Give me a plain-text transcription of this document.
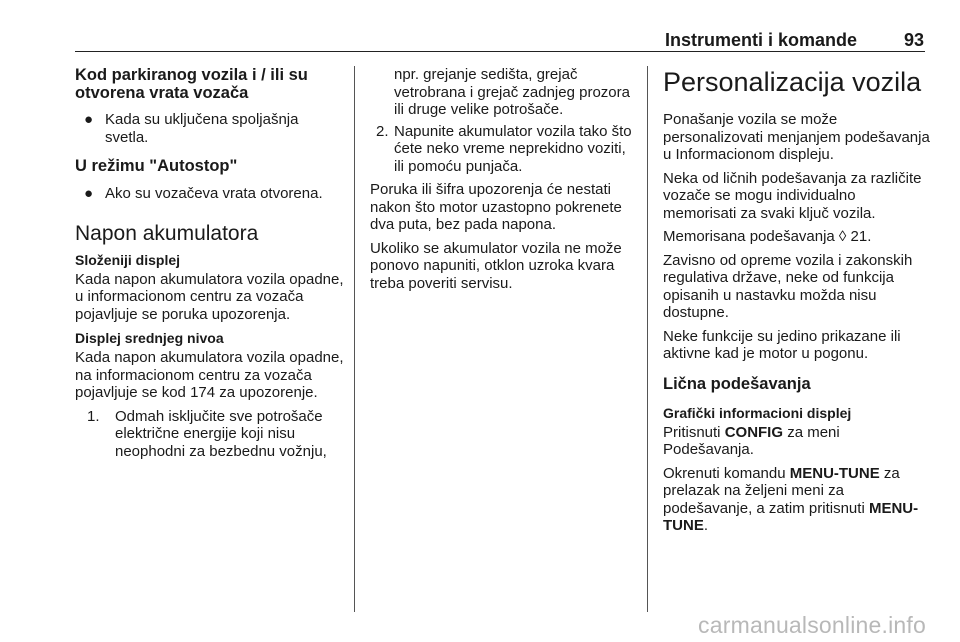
Instrumenti i komande	93
Kod parkiranog vozila i / ili su otvorena vrata vozača
● Kada su uključena spoljašnja svetla.
U režimu "Autostop"
● Ako su vozačeva vrata otvorena.
Napon akumulatora
Složeniji displej

Kada napon akumulatora vozila opadne, u informacionom centru za vozača pojavljuje se poruka upozorenja.

Displej srednjeg nivoa

Kada napon akumulatora vozila opadne, na informacionom centru za vozača pojavljuje se kod 174 za upozorenje.

1. Odmah isključite sve potrošače električne energije koji nisu neophodni za bezbednu vožnju,
npr. grejanje sedišta, grejač vetrobrana i grejač zadnjeg prozora ili druge velike potrošače.
2. Napunite akumulator vozila tako što ćete neko vreme neprekidno voziti, ili pomoću punjača.

Poruka ili šifra upozorenja će nestati nakon što motor uzastopno pokrenete dva puta, bez pada napona.

Ukoliko se akumulator vozila ne može ponovo napuniti, otklon uzroka kvara treba poveriti servisu.

Personalizacija vozila

Ponašanje vozila se može personalizovati menjanjem podešavanja u Informacionom displeju.

Neka od ličnih podešavanja za različite vozače se mogu individualno memorisati za svaki ključ vozila.

Memorisana podešavanja ◊ 21.

Zavisno od opreme vozila i zakonskih regulativa države, neke od funkcija opisanih u nastavku možda nisu dostupne.

Neke funkcije su jedino prikazane ili aktivne kad je motor u pogonu.

Lična podešavanja
Grafički informacioni displej

Pritisnuti CONFIG za meni Podešavanja.

Okrenuti komandu MENU-TUNE za prelazak na željeni meni za podešavanje, a zatim pritisnuti MENU-TUNE.

carmanualsonline.info
